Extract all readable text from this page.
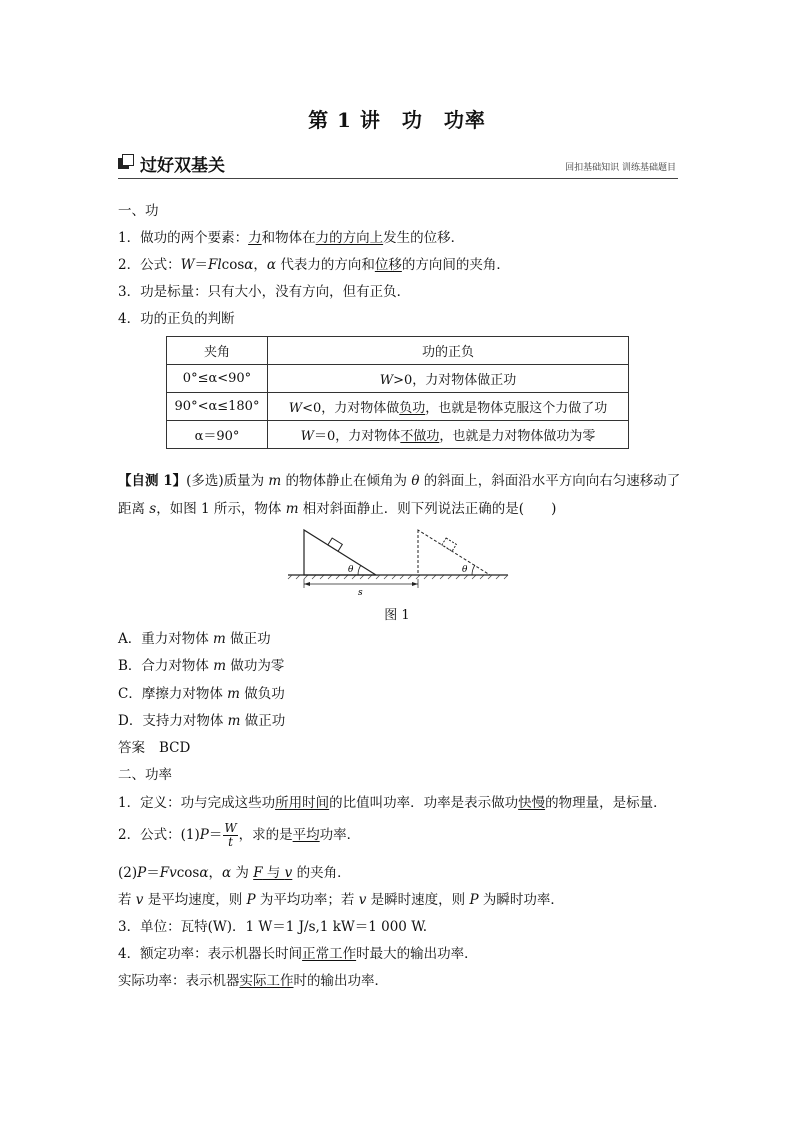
第 1 讲　功　功率
过好双基关	回扣基础知识 训练基础题目
一、功
1．做功的两个要素：力和物体在力的方向上发生的位移．
2．公式：W＝Flcosα，α 代表力的方向和位移的方向间的夹角．
3．功是标量：只有大小，没有方向，但有正负．
4．功的正负的判断
夹角	功的正负
0°≤α<90°	W>0，力对物体做正功
90°<α≤180°	W<0，力对物体做负功，也就是物体克服这个力做了功
α＝90°	W＝0，力对物体不做功，也就是力对物体做功为零
【自测 1】(多选)质量为 m 的物体静止在倾角为 θ 的斜面上，斜面沿水平方向向右匀速移动了
距离 s，如图 1 所示，物体 m 相对斜面静止．则下列说法正确的是(　　)
θ	θ
s
图 1
A．重力对物体 m 做正功
B．合力对物体 m 做功为零
C．摩擦力对物体 m 做负功
D．支持力对物体 m 做正功
答案 BCD
二、功率
1．定义：功与完成这些功所用时间的比值叫功率．功率是表示做功快慢的物理量，是标量．
2．公式：$(1)P= \frac{W}{t}$ ，求的是平均功率．
(2)P＝Fvcosα，α 为 F 与 v 的夹角．
若 v 是平均速度，则 P 为平均功率；若 v 是瞬时速度，则 P 为瞬时功率．
3．单位：瓦特(W)．1 W＝1 J/s,1 kW＝1 000 W.
4．额定功率：表示机器长时间正常工作时最大的输出功率．
实际功率：表示机器实际工作时的输出功率．
